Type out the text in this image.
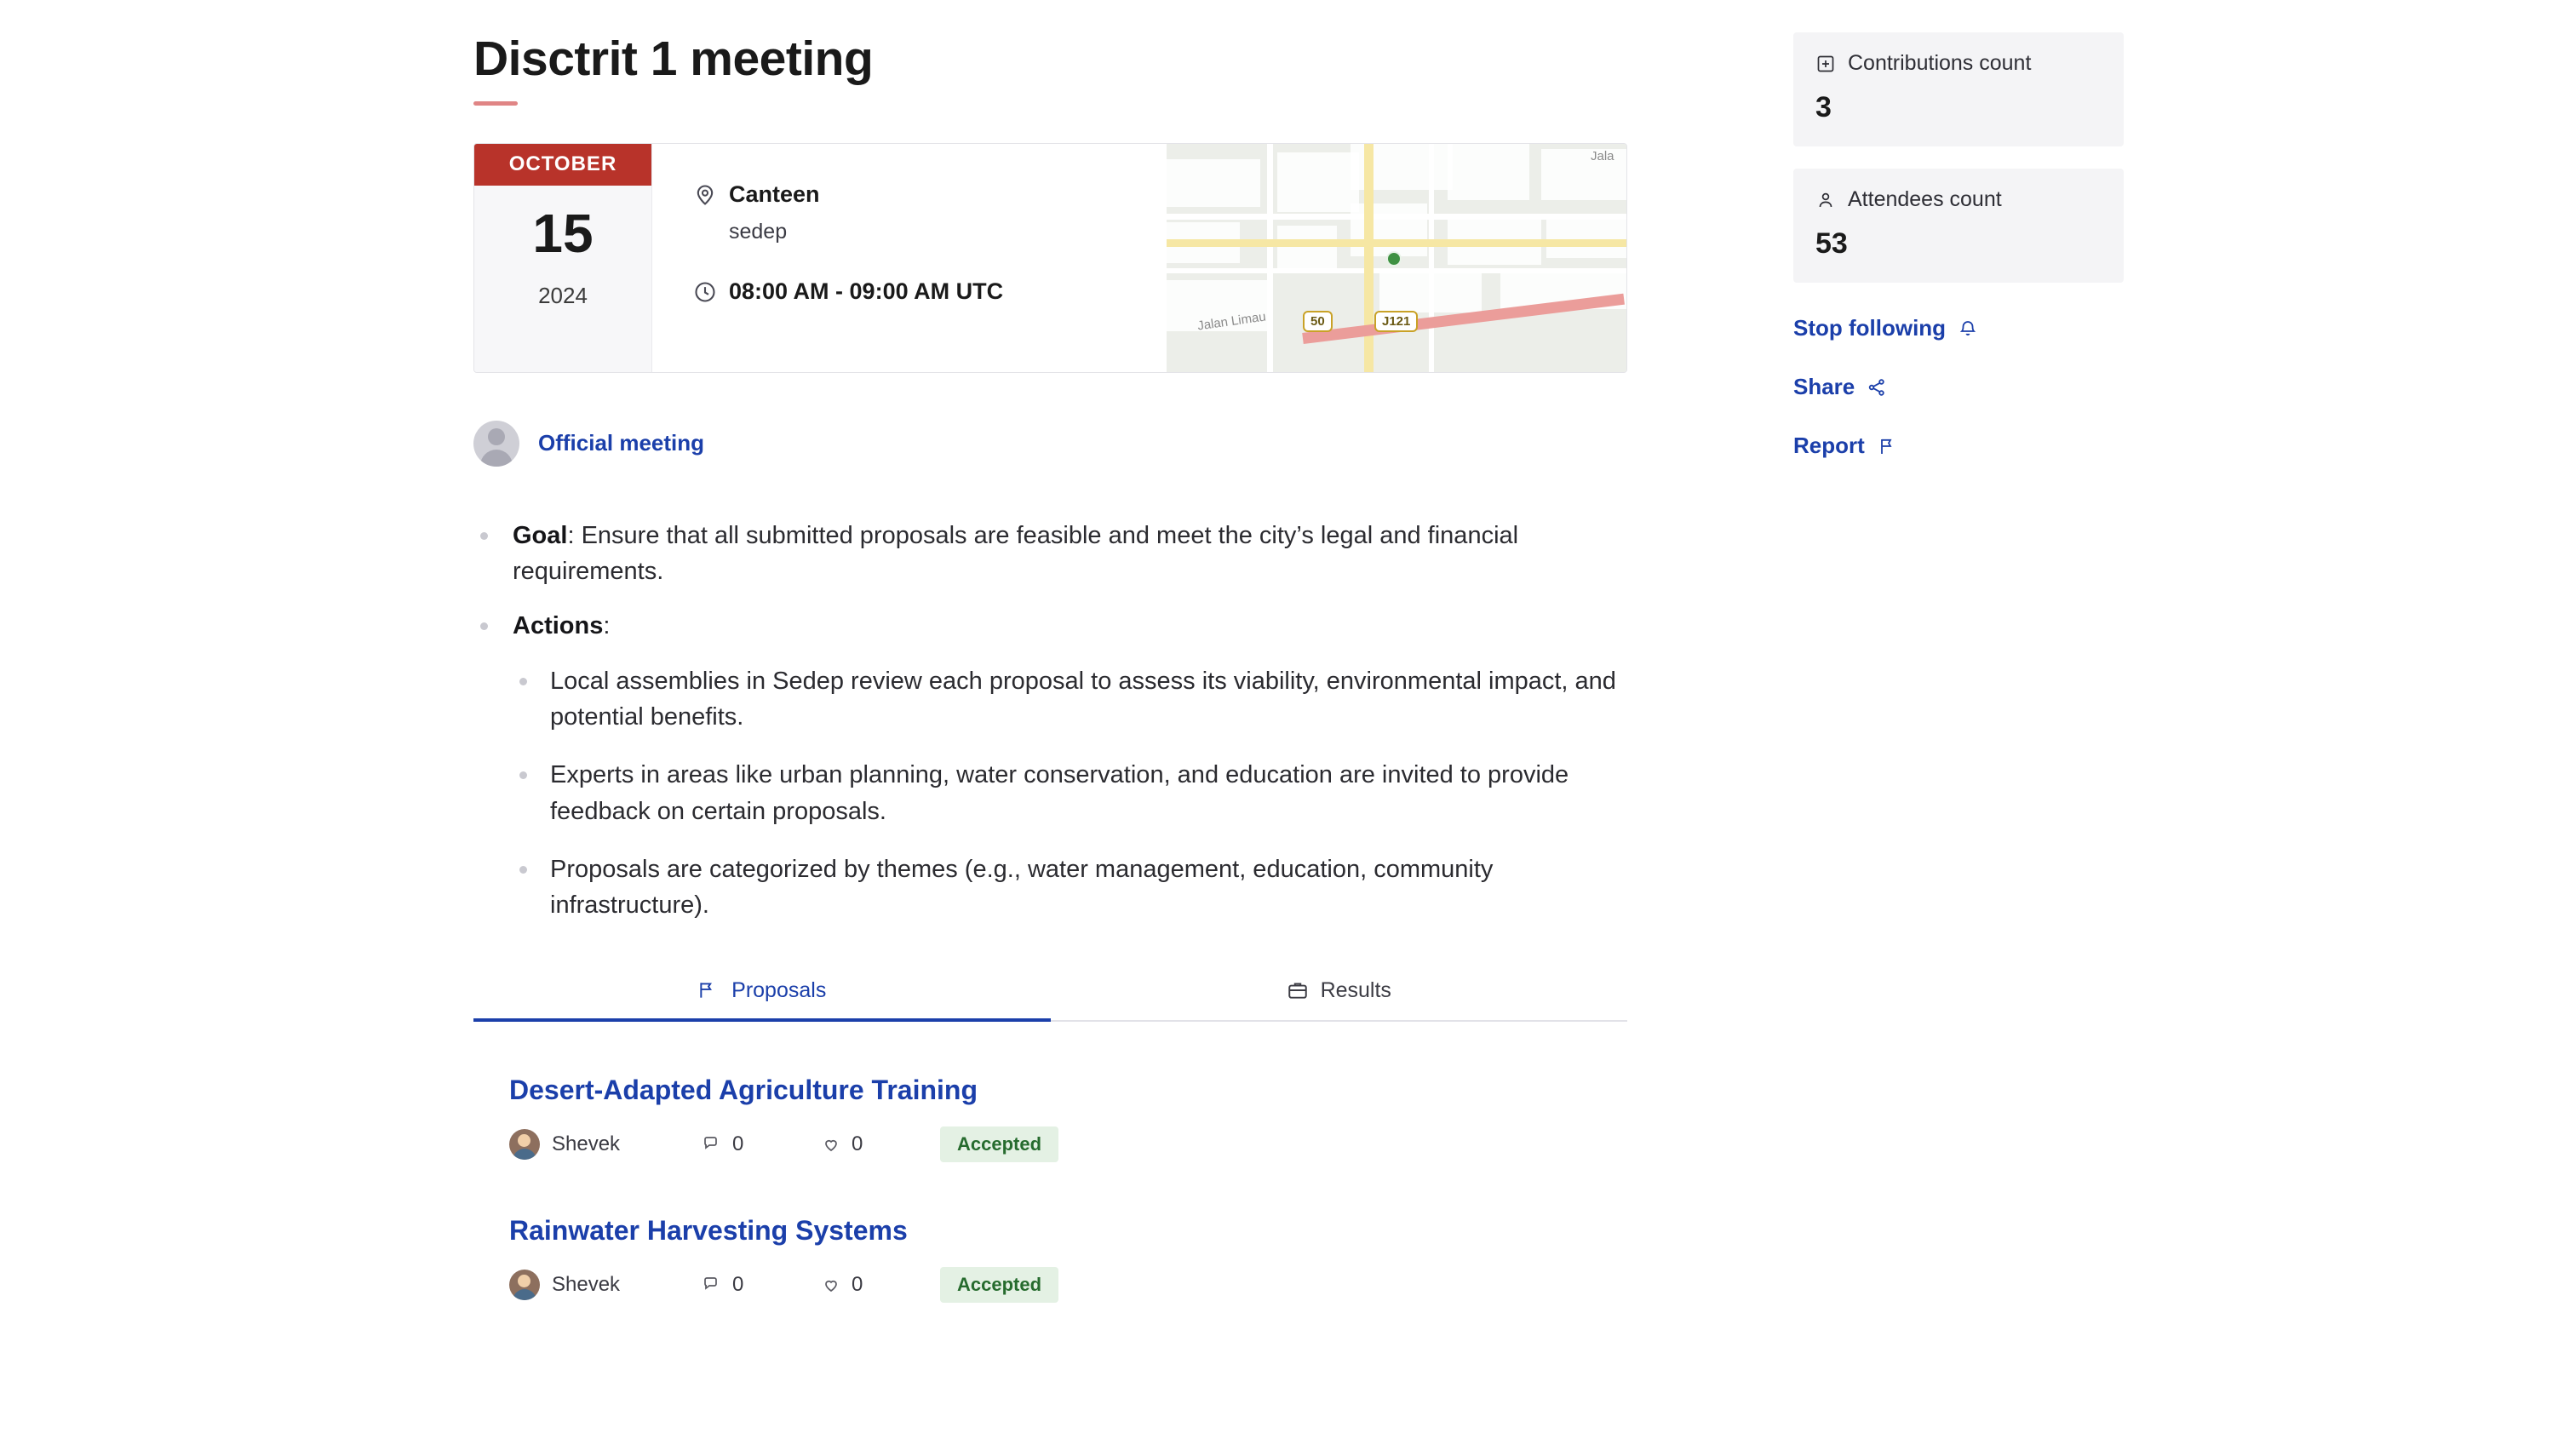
Disctrit 1 meeting
OCTOBER
15
2024
Canteen
sedep
08:00 AM - 09:00 AM UTC
Jalan Limau
Jala
50	J121
Official meeting
Goal: Ensure that all submitted proposals are feasible and meet the city’s legal and financial requirements.
Actions:
Local assemblies in Sedep review each proposal to assess its viability, environmental impact, and potential benefits.
Experts in areas like urban planning, water conservation, and education are invited to provide feedback on certain proposals.
Proposals are categorized by themes (e.g., water management, education, community infrastructure).
Proposals	Results
Desert-Adapted Agriculture Training
Shevek	0	0	Accepted
Rainwater Harvesting Systems
Shevek	0	0	Accepted
Contributions count
3
Attendees count
53
Stop following
Share
Report
